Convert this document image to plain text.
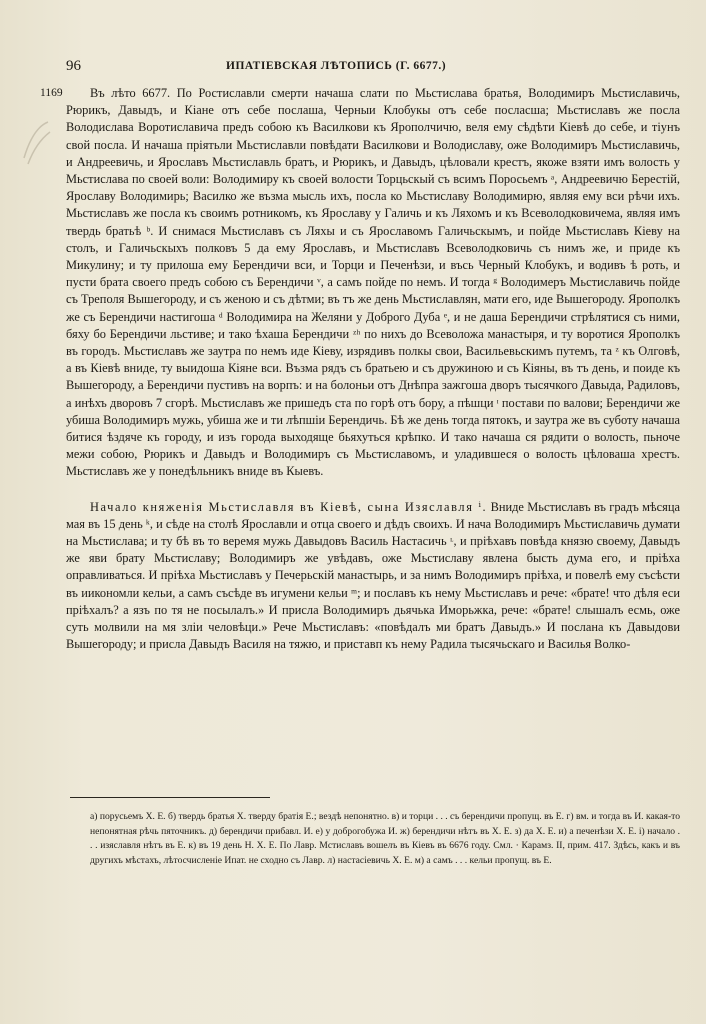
96	ИПАТІЕВСКАЯ ЛѢТОПИСЬ (Г. 6677.)
1169	Въ лѣто 6677. По Ростиславли смерти начаша слати по Мьстислава братья, Володимиръ Мьстиславичь, Рюрикъ, Давыдъ, и Кіане отъ себе послаша, Черныи Клобукы отъ себе посласша; Мьстиславъ же посла Володислава Воротиславича предъ собою къ Василкови къ Ярополчичю, веля ему сѣдѣти Кіевѣ до себе, и тіунъ свой посла. И начаша пріятьли Мьстиславли повѣдати Василкови и Володиславу, оже Володимиръ Мьстиславичь, и Андреевичь, и Ярославъ Мьстиславль братъ, и Рюрикъ, и Давыдъ, цѣловали крестъ, якоже взяти имъ волость у Мьстислава по своей воли: Володимиру къ своей волости Торцьскый съ всимъ Поросьемъ ᵃ, Андреевичю Берестій, Ярославу Володимирь; Василко же възма мысль ихъ, посла ко Мьстиславу Володимирю, являя ему вси рѣчи ихъ. Мьстиславъ же посла къ своимъ ротникомъ, къ Ярославу у Галичь и къ Ляхомъ и къ Всеволодковичема, являя имъ твердь братьѣ ᵇ. И снимася Мьстиславъ съ Ляхы и съ Ярославомъ Галичьскымъ, и пойде Мьстиславъ Кіеву на столъ, и Галичьскыхъ полковъ 5 да ему Ярославъ, и Мьстиславъ Всеволодковичь съ нимъ же, и приде къ Микулину; и ту прилоша ему Берендичи вси, и Торци и Печенѣзи, и въсь Черный Клобукъ, и водивъ ѣ роть, и пусти брата своего предъ собою съ Берендичи ᵛ, а самъ пойде по немъ. И тогда ᵍ Володимеръ Мьстиславичь пойде съ Треполя Вышегороду, и съ женою и съ дѣтми; въ тъ же день Мьстиславлян, мати его, иде Вышегороду. Ярополкъ же съ Берендичи настигоша ᵈ Володимира на Желяни у Доброго Дуба ᵉ, и не даша Берендичи стрѣлятися съ ними, бяху бо Берендичи льстиве; и тако ѣхаша Берендичи ᶻʰ по нихъ до Всеволожа манастыря, и ту воротися Ярополкъ въ городъ. Мьстиславъ же заутра по немъ иде Кіеву, изрядивъ полкы свои, Васильевьскимъ путемъ, та ᶻ къ Олговѣ, а въ Кіевѣ вниде, ту выидоша Кіяне вси. Възма рядъ съ братьею и съ дружиною и съ Кіяны, въ тъ день, и поиде къ Вышегороду, а Берендичи пустивъ на ворпъ: и на болоньи отъ Днѣпра зажгоша дворъ тысячкого Давыда, Радиловъ, а инѣхъ дворовъ 7 сгорѣ. Мьстиславъ же пришедъ ста по горѣ отъ бору, а пѣшци ᶦ постави по валови; Берендичи же убиша Володимиръ мужь, убиша же и ти лѣпшіи Берендичь. Бѣ же день тогда пятокъ, и заутра же въ суботу начаша битися ѣздяче къ городу, и изъ города выходяще бьяхуться крѣпко. И тако начаша ся рядити о волость, пьноче межи собою, Рюрикъ и Давыдъ и Володимиръ съ Мьстиславомъ, и уладившеся о волость цѣловаша хрестъ. Мьстиславъ же у понедѣльникъ вниде въ Кыевъ.

Начало княженія Мьстиславля въ Кіевѣ, сына Изяславля ⁱ. Вниде Мьстиславъ въ градъ мѣсяца мая въ 15 день ᵏ, и сѣде на столѣ Ярославли и отца своего и дѣдъ своихъ. И нача Володимиръ Мьстиславичь думати на Мьстислава; и ту бѣ въ то веремя мужь Давыдовъ Василь Настасичь ᶫ, и пріѣхавъ повѣда князю своему, Давыдъ же яви брату Мьстиславу; Володимиръ же увѣдавъ, оже Мьстиславу явлена бысть дума его, и пріѣха оправливаться. И пріѣха Мьстиславъ у Печерьскій манастырь, и за нимъ Володимиръ пріѣха, и повелѣ ему съсѣсти въ иикономли кельи, а самъ съсѣде въ игумени кельи ᵐ; и пославъ къ нему Мьстиславъ и рече: «брате! что дѣля еси пріѣхалъ? а язъ по тя не посылалъ.» И присла Володимиръ дьячька Иморьжка, рече: «брате! слышалъ есмь, оже суть молвили на мя зліи человѣци.» Рече Мьстиславъ: «повѣдалъ ми братъ Давыдъ.» И посланa къ Давыдови Вышегороду; и присла Давыдъ Василя на тяжю, и приставп къ нему Радила тысячьскаго и Василья Волко-

а) порусьемъ Х. Е. б) твердь братья Х. твердy братія Е.; вездѣ непонятно. в) и торци . . . съ берендичи пропущ. въ Е. г) вм. и тогда въ И. какая-то непонятная рѣчь пяточникъ. д) берендичи прибавл. И. е) у доброгобужа И. ж) берендичи нѣтъ въ Х. Е. з) да Х. Е. и) а печенѣзи Х. Е. і) начало . . . изяславля нѣтъ въ Е. к) въ 19 день Н. Х. Е. По Лавр. Мстиславъ вошелъ въ Кіевъ въ 6676 году. Смл. · Карамз. II, прим. 417. Здѣсь, какъ и въ другихъ мѣстахъ, лѣтосчисленіе Ипат. не сходно съ Лавр. л) настасіевичь Х. Е. м) а самъ . . . кельи пропущ. въ Е.
